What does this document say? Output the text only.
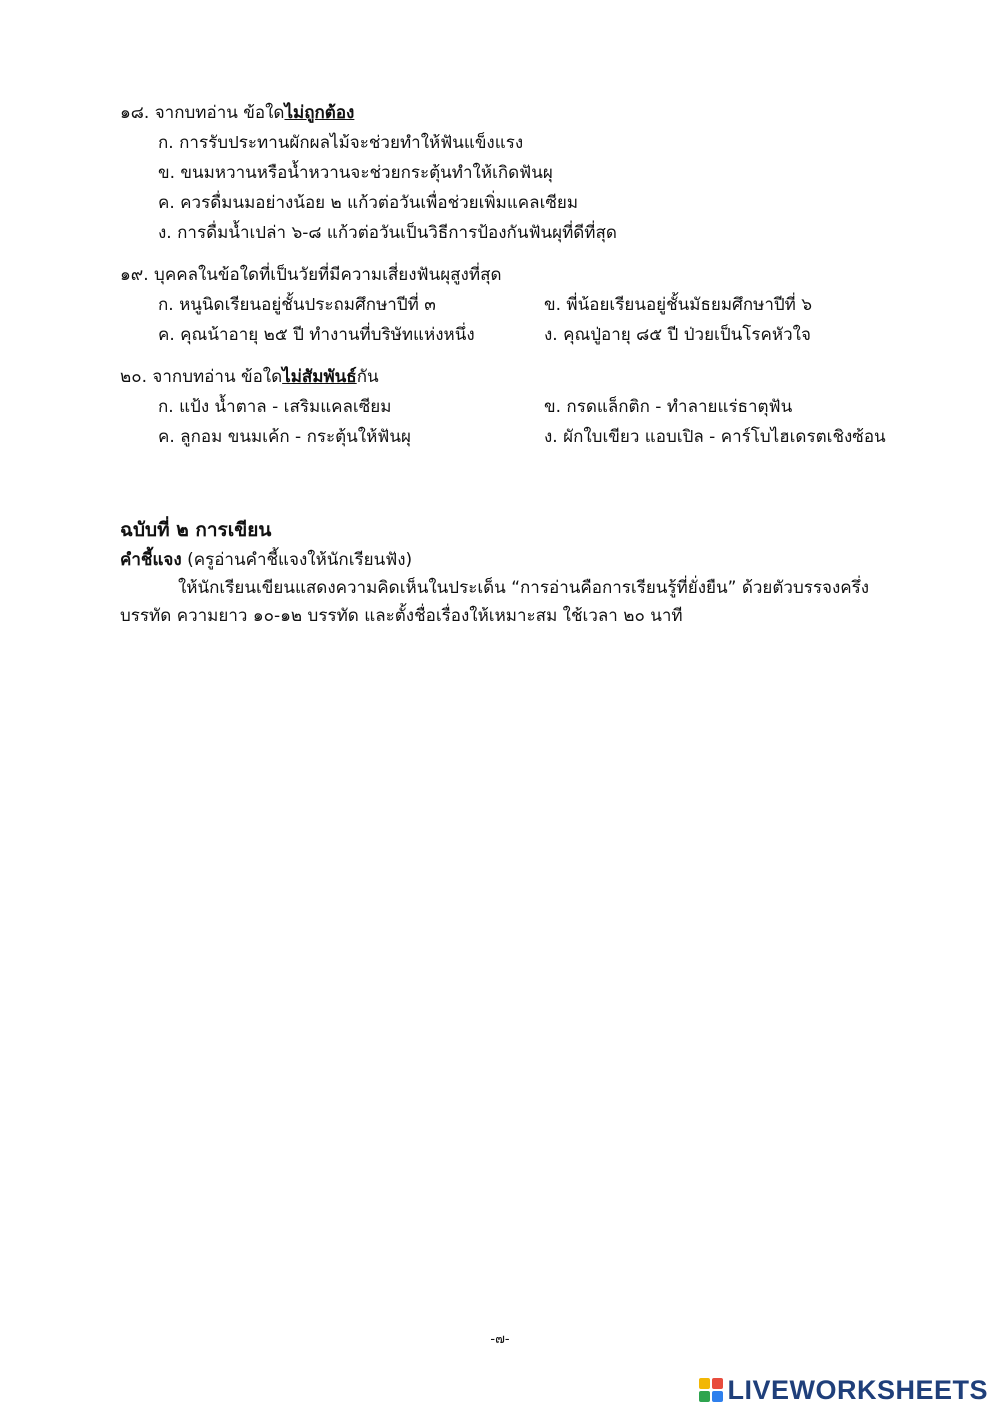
๑๘. จากบทอ่าน ข้อใดไม่ถูกต้อง
ก. การรับประทานผักผลไม้จะช่วยทำให้ฟันแข็งแรง
ข. ขนมหวานหรือน้ำหวานจะช่วยกระตุ้นทำให้เกิดฟันผุ
ค. ควรดื่มนมอย่างน้อย ๒ แก้วต่อวันเพื่อช่วยเพิ่มแคลเซียม
ง. การดื่มน้ำเปล่า ๖-๘ แก้วต่อวันเป็นวิธีการป้องกันฟันผุที่ดีที่สุด
๑๙. บุคคลในข้อใดที่เป็นวัยที่มีความเสี่ยงฟันผุสูงที่สุด
ก. หนูนิดเรียนอยู่ชั้นประถมศึกษาปีที่ ๓	ข. พี่น้อยเรียนอยู่ชั้นมัธยมศึกษาปีที่ ๖
ค. คุณน้าอายุ ๒๕ ปี ทำงานที่บริษัทแห่งหนึ่ง	ง. คุณปู่อายุ ๘๕ ปี ป่วยเป็นโรคหัวใจ
๒๐. จากบทอ่าน ข้อใดไม่สัมพันธ์กัน
ก. แป้ง น้ำตาล - เสริมแคลเซียม	ข. กรดแล็กติก - ทำลายแร่ธาตุฟัน
ค. ลูกอม ขนมเค้ก - กระตุ้นให้ฟันผุ	ง. ผักใบเขียว แอบเปิล - คาร์โบไฮเดรตเชิงซ้อน
ฉบับที่ ๒ การเขียน
คำชี้แจง (ครูอ่านคำชี้แจงให้นักเรียนฟัง)
ให้นักเรียนเขียนแสดงความคิดเห็นในประเด็น “การอ่านคือการเรียนรู้ที่ยั่งยืน” ด้วยตัวบรรจงครึ่งบรรทัด ความยาว ๑๐-๑๒ บรรทัด และตั้งชื่อเรื่องให้เหมาะสม ใช้เวลา ๒๐ นาที
-๗-
LIVEWORKSHEETS
